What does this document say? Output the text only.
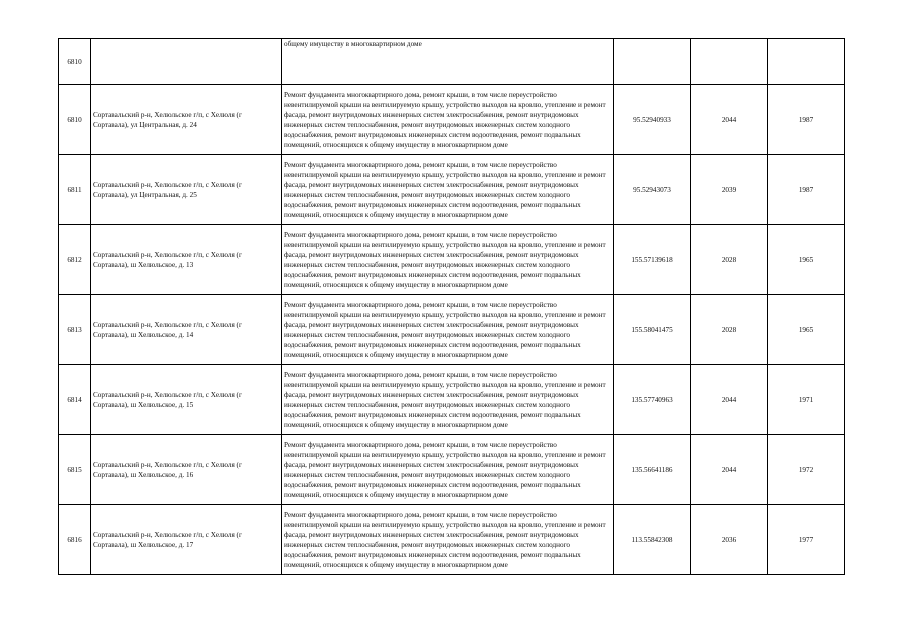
6810		общему имуществу в многоквартирном доме			
6810	Сортавальский р-н, Хелюльское г/п, с Хелюля (г Сортавала), ул Центральная, д. 24	Ремонт фундамента многоквартирного дома, ремонт крыши, в том числе переустройство невентилируемой крыши на вентилируемую крышу, устройство выходов на кровлю, утепление и ремонт фасада, ремонт внутридомовых инженерных систем электроснабжения, ремонт внутридомовых инженерных систем теплоснабжения, ремонт внутридомовых инженерных систем холодного водоснабжения, ремонт внутридомовых инженерных систем водоотведения, ремонт подвальных помещений, относящихся к общему имуществу в многоквартирном доме	95.52940933	2044	1987
6811	Сортавальский р-н, Хелюльское г/п, с Хелюля (г Сортавала), ул Центральная, д. 25	Ремонт фундамента многоквартирного дома, ремонт крыши, в том числе переустройство невентилируемой крыши на вентилируемую крышу, устройство выходов на кровлю, утепление и ремонт фасада, ремонт внутридомовых инженерных систем электроснабжения, ремонт внутридомовых инженерных систем теплоснабжения, ремонт внутридомовых инженерных систем холодного водоснабжения, ремонт внутридомовых инженерных систем водоотведения, ремонт подвальных помещений, относящихся к общему имуществу в многоквартирном доме	95.52943073	2039	1987
6812	Сортавальский р-н, Хелюльское г/п, с Хелюля (г Сортавала), ш Хелюльское, д. 13	Ремонт фундамента многоквартирного дома, ремонт крыши, в том числе переустройство невентилируемой крыши на вентилируемую крышу, устройство выходов на кровлю, утепление и ремонт фасада, ремонт внутридомовых инженерных систем электроснабжения, ремонт внутридомовых инженерных систем теплоснабжения, ремонт внутридомовых инженерных систем холодного водоснабжения, ремонт внутридомовых инженерных систем водоотведения, ремонт подвальных помещений, относящихся к общему имуществу в многоквартирном доме	155.57139618	2028	1965
6813	Сортавальский р-н, Хелюльское г/п, с Хелюля (г Сортавала), ш Хелюльское, д. 14	Ремонт фундамента многоквартирного дома, ремонт крыши, в том числе переустройство невентилируемой крыши на вентилируемую крышу, устройство выходов на кровлю, утепление и ремонт фасада, ремонт внутридомовых инженерных систем электроснабжения, ремонт внутридомовых инженерных систем теплоснабжения, ремонт внутридомовых инженерных систем холодного водоснабжения, ремонт внутридомовых инженерных систем водоотведения, ремонт подвальных помещений, относящихся к общему имуществу в многоквартирном доме	155.58041475	2028	1965
6814	Сортавальский р-н, Хелюльское г/п, с Хелюля (г Сортавала), ш Хелюльское, д. 15	Ремонт фундамента многоквартирного дома, ремонт крыши, в том числе переустройство невентилируемой крыши на вентилируемую крышу, устройство выходов на кровлю, утепление и ремонт фасада, ремонт внутридомовых инженерных систем электроснабжения, ремонт внутридомовых инженерных систем теплоснабжения, ремонт внутридомовых инженерных систем холодного водоснабжения, ремонт внутридомовых инженерных систем водоотведения, ремонт подвальных помещений, относящихся к общему имуществу в многоквартирном доме	135.57740963	2044	1971
6815	Сортавальский р-н, Хелюльское г/п, с Хелюля (г Сортавала), ш Хелюльское, д. 16	Ремонт фундамента многоквартирного дома, ремонт крыши, в том числе переустройство невентилируемой крыши на вентилируемую крышу, устройство выходов на кровлю, утепление и ремонт фасада, ремонт внутридомовых инженерных систем электроснабжения, ремонт внутридомовых инженерных систем теплоснабжения, ремонт внутридомовых инженерных систем холодного водоснабжения, ремонт внутридомовых инженерных систем водоотведения, ремонт подвальных помещений, относящихся к общему имуществу в многоквартирном доме	135.56641186	2044	1972
6816	Сортавальский р-н, Хелюльское г/п, с Хелюля (г Сортавала), ш Хелюльское, д. 17	Ремонт фундамента многоквартирного дома, ремонт крыши, в том числе переустройство невентилируемой крыши на вентилируемую крышу, устройство выходов на кровлю, утепление и ремонт фасада, ремонт внутридомовых инженерных систем электроснабжения, ремонт внутридомовых инженерных систем теплоснабжения, ремонт внутридомовых инженерных систем холодного водоснабжения, ремонт внутридомовых инженерных систем водоотведения, ремонт подвальных помещений, относящихся к общему имуществу в многоквартирном доме	113.55842308	2036	1977
